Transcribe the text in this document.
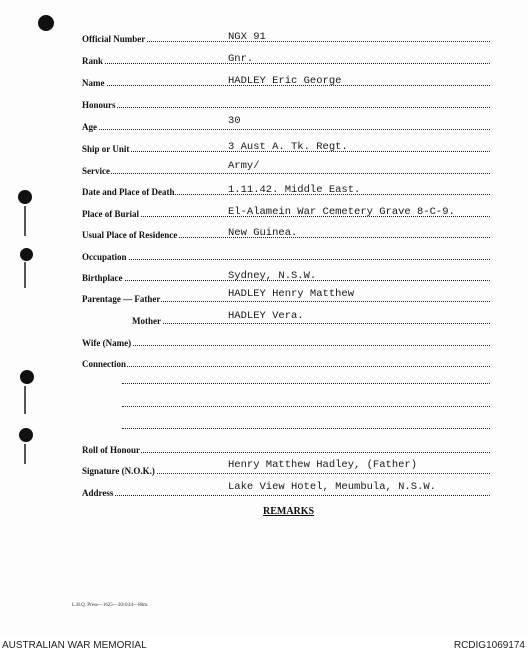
Official Number	NGX 91
Rank	Gnr.
Name	HADLEY Eric George
Honours
Age	30
Ship or Unit	3 Aust A. Tk. Regt.
Service	Army/
Date and Place of Death	1.11.42. Middle East.
Place of Burial	El-Alamein War Cemetery Grave 8-C-9.
Usual Place of Residence	New Guinea.
Occupation
Birthplace	Sydney, N.S.W.
Parentage — Father	HADLEY Henry Matthew
Mother	HADLEY Vera.
Wife (Name)
Connection
Roll of Honour
Signature (N.O.K.)	Henry Matthew Hadley, (Father)
Address	Lake View Hotel, Meumbula, N.S.W.
REMARKS
L.H.Q. Press—1625—30/4/44—80m.
AUSTRALIAN WAR MEMORIAL	RCDIG1069174
